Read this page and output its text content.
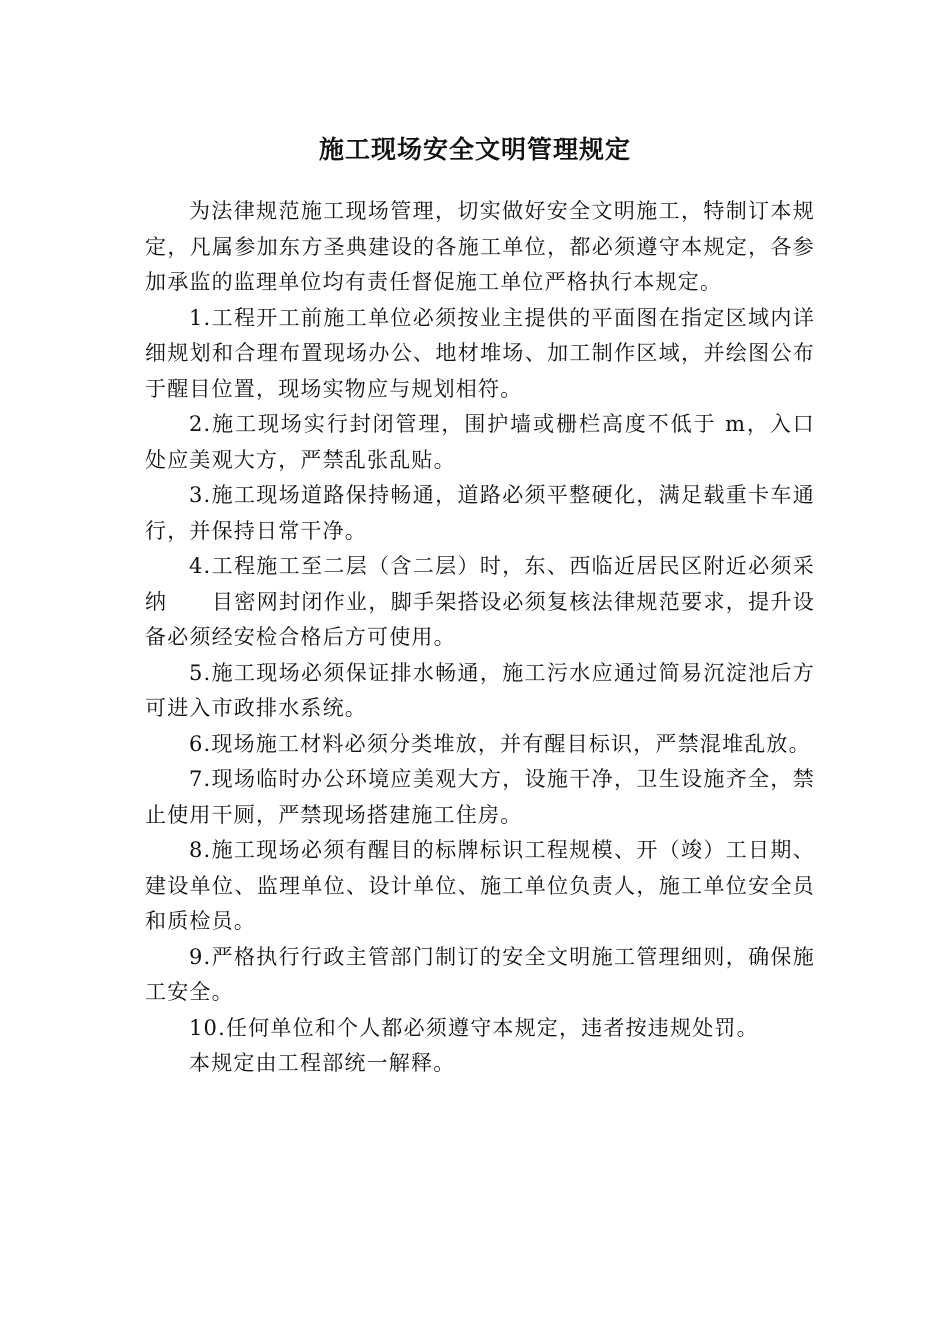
施工现场安全文明管理规定

为法律规范施工现场管理，切实做好安全文明施工，特制订本规定，凡属参加东方圣典建设的各施工单位，都必须遵守本规定，各参加承监的监理单位均有责任督促施工单位严格执行本规定。

1.工程开工前施工单位必须按业主提供的平面图在指定区域内详细规划和合理布置现场办公、地材堆场、加工制作区域，并绘图公布于醒目位置，现场实物应与规划相符。

2.施工现场实行封闭管理，围护墙或栅栏高度不低于 m，入口处应美观大方，严禁乱张乱贴。

3.施工现场道路保持畅通，道路必须平整硬化，满足载重卡车通行，并保持日常干净。

4.工程施工至二层（含二层）时，东、西临近居民区附近必须采纳　　目密网封闭作业，脚手架搭设必须复核法律规范要求，提升设备必须经安检合格后方可使用。

5.施工现场必须保证排水畅通，施工污水应通过简易沉淀池后方可进入市政排水系统。

6.现场施工材料必须分类堆放，并有醒目标识，严禁混堆乱放。

7.现场临时办公环境应美观大方，设施干净，卫生设施齐全，禁止使用干厕，严禁现场搭建施工住房。

8.施工现场必须有醒目的标牌标识工程规模、开（竣）工日期、建设单位、监理单位、设计单位、施工单位负责人，施工单位安全员和质检员。

9.严格执行行政主管部门制订的安全文明施工管理细则，确保施工安全。

10.任何单位和个人都必须遵守本规定，违者按违规处罚。

本规定由工程部统一解释。
